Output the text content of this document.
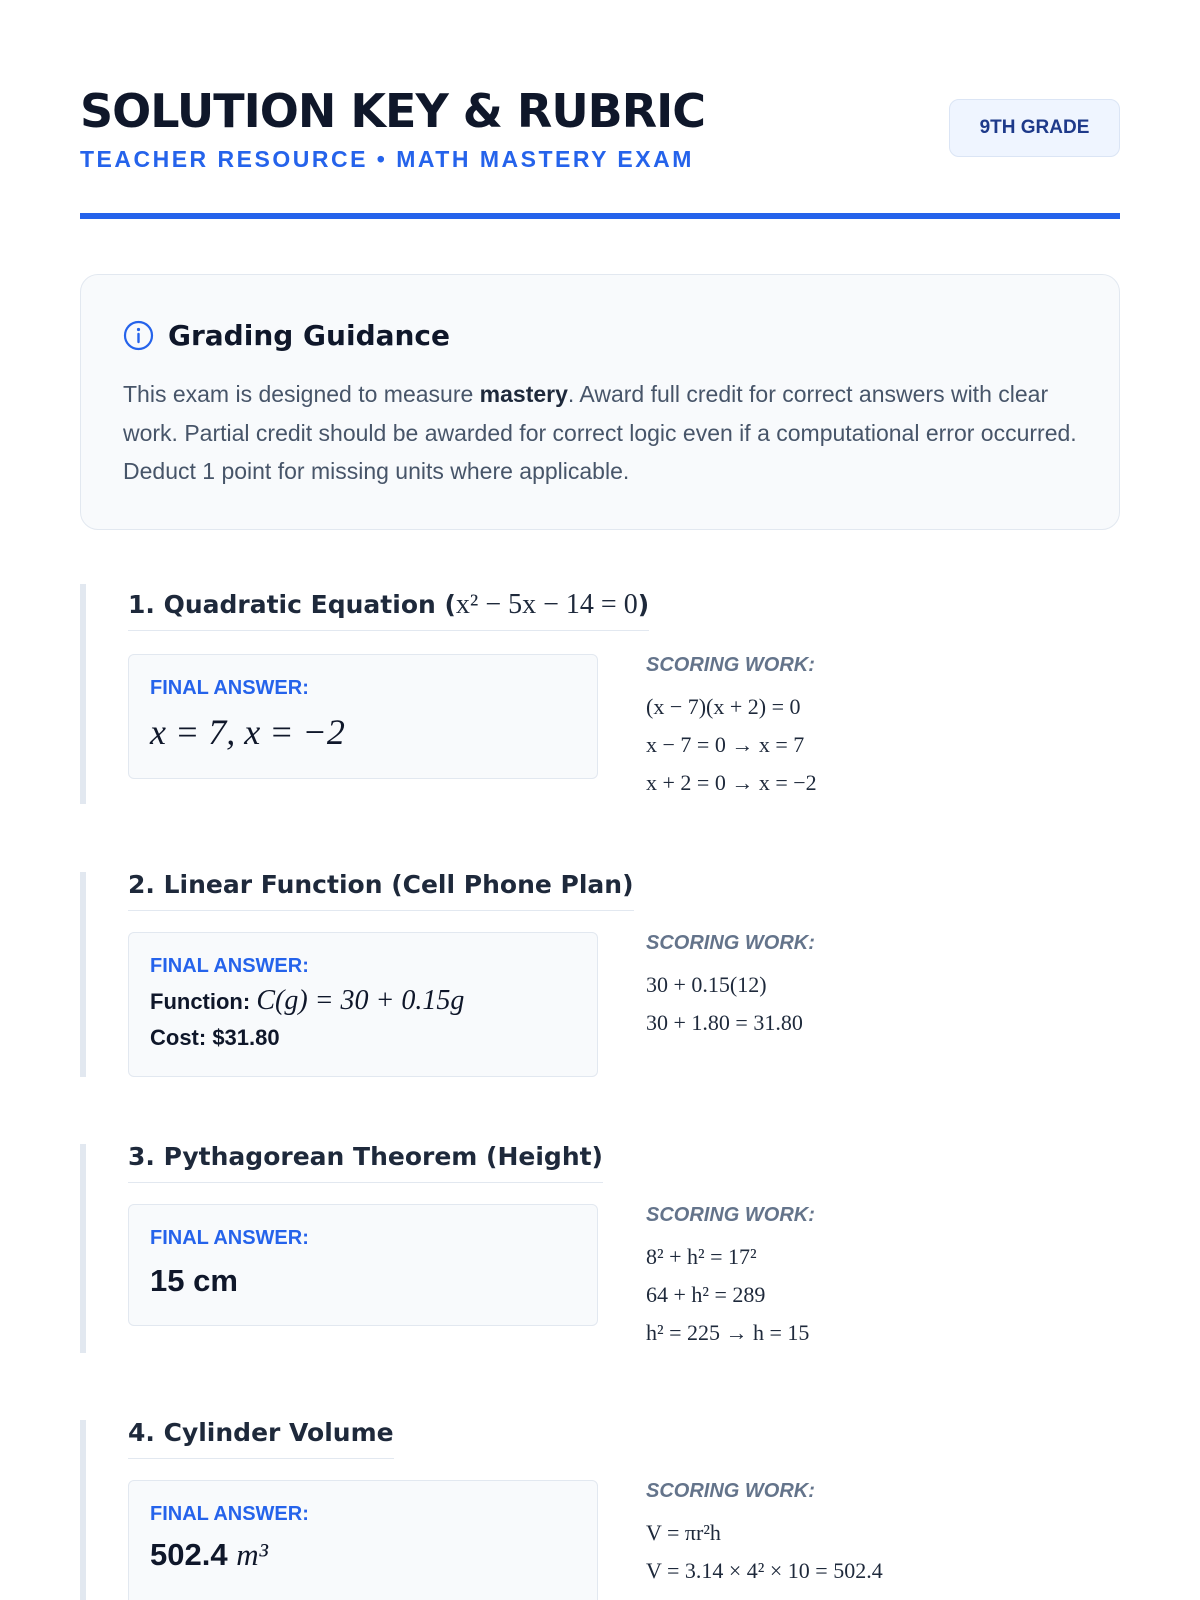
SOLUTION KEY & RUBRIC
TEACHER RESOURCE • MATH MASTERY EXAM
9TH GRADE
Grading Guidance

This exam is designed to measure mastery. Award full credit for correct answers with clear work. Partial credit should be awarded for correct logic even if a computational error occurred. Deduct 1 point for missing units where applicable.

1. Quadratic Equation (x² − 5x − 14 = 0)
FINAL ANSWER:
x = 7, x = −2
SCORING WORK:
(x − 7)(x + 2) = 0
x − 7 = 0 → x = 7
x + 2 = 0 → x = −2
2. Linear Function (Cell Phone Plan)
FINAL ANSWER:
Function: C(g) = 30 + 0.15g
Cost: $31.80
SCORING WORK:
30 + 0.15(12)
30 + 1.80 = 31.80
3. Pythagorean Theorem (Height)
FINAL ANSWER:
15 cm
SCORING WORK:
8² + h² = 17²
64 + h² = 289
h² = 225 → h = 15
4. Cylinder Volume
FINAL ANSWER:
502.4 m³
SCORING WORK:
V = πr²h
V = 3.14 × 4² × 10 = 502.4
